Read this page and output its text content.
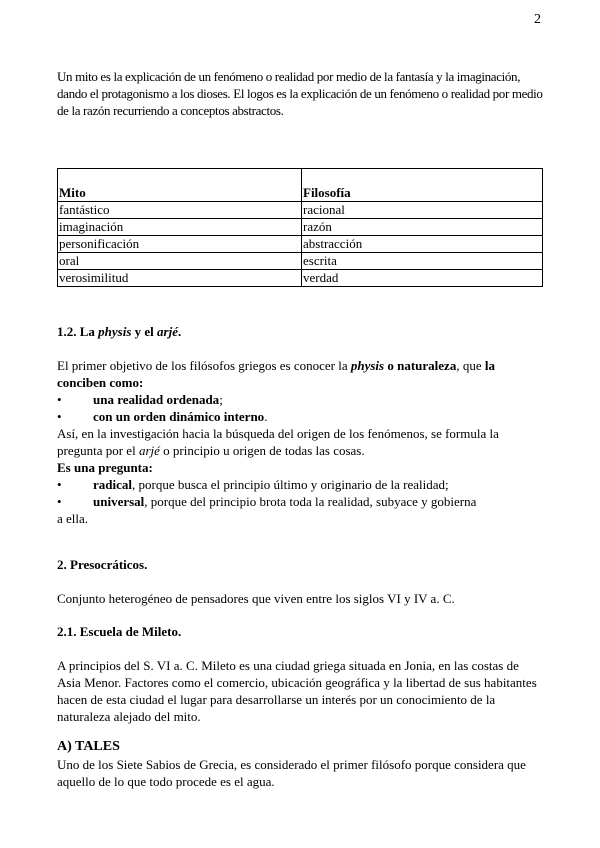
2

Un mito es la explicación de un fenómeno o realidad por medio de la fantasía y la imaginación, dando el protagonismo a los dioses. El logos es la explicación de un fenómeno o realidad por medio de la razón recurriendo a conceptos abstractos.

Mito	Filosofía
fantástico	racional
imaginación	razón
personificación	abstracción
oral	escrita
verosimilitud	verdad
1.2. La physis y el arjé.
El primer objetivo de los filósofos griegos es conocer la physis o naturaleza, que la conciben como:
•	una realidad ordenada;
•	con un orden dinámico interno.
Así, en la investigación hacia la búsqueda del origen de los fenómenos, se formula la pregunta por el arjé o principio u origen de todas las cosas.
Es una pregunta:
•	radical, porque busca el principio último y originario de la realidad;
•	universal, porque del principio brota toda la realidad, subyace y gobierna
a ella.
2. Presocráticos.

Conjunto heterogéneo de pensadores que viven entre los siglos VI y IV a. C.

2.1. Escuela de Mileto.

A principios del S. VI a. C. Mileto es una ciudad griega situada en Jonia, en las costas de Asia Menor. Factores como el comercio, ubicación geográfica y la libertad de sus habitantes hacen de esta ciudad el lugar para desarrollarse un interés por un conocimiento de la naturaleza alejado del mito.

A) TALES

Uno de los Siete Sabios de Grecia, es considerado el primer filósofo porque considera que aquello de lo que todo procede es el agua.
